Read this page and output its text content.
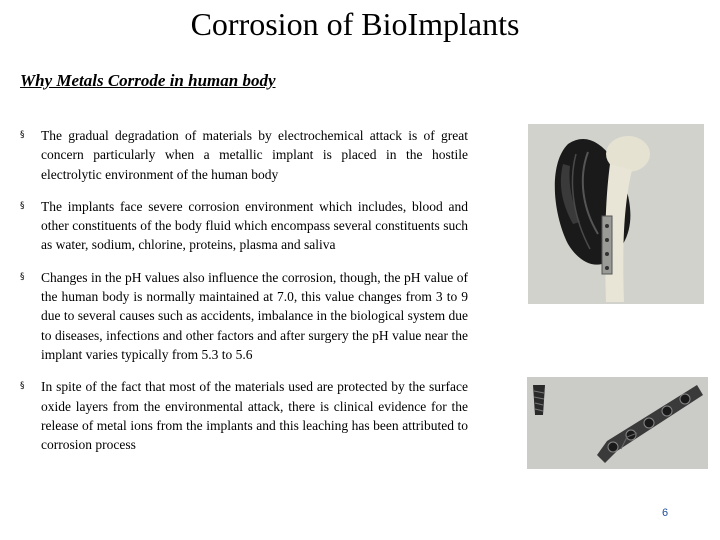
Corrosion of BioImplants
Why Metals Corrode in human body
§ The gradual degradation of materials by electrochemical attack is of great concern particularly when a metallic implant is placed in the hostile electrolytic environment of the human body
§ The implants face severe corrosion environment which includes, blood and other constituents of the body fluid which encompass several constituents such as water, sodium, chlorine, proteins, plasma and saliva
§ Changes in the pH values also influence the corrosion, though, the pH value of the human body is normally maintained at 7.0, this value changes from 3 to 9 due to several causes such as accidents, imbalance in the biological system due to diseases, infections and other factors and after surgery the pH value near the implant varies typically from 5.3 to 5.6
§ In spite of the fact that most of the materials used are protected by the surface oxide layers from the environmental attack, there is clinical evidence for the release of metal ions from the implants and this leaching has been attributed to corrosion process
6
